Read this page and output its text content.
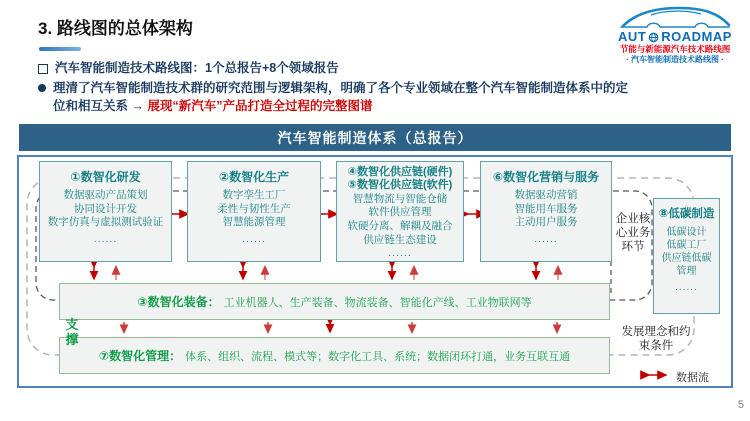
3. 路线图的总体架构	AUT ROADMAP
节能与新能源汽车技术路线图
· 汽车智能制造技术路线图 ·
汽车智能制造技术路线图：1个总报告+8个领域报告
理清了汽车智能制造技术群的研究范围与逻辑架构，明确了各个专业领域在整个汽车智能制造体系中的定位和相互关系 → 展现“新汽车”产品打造全过程的完整图谱
汽车智能制造体系（总报告）
①数智化研发
数据驱动产品策划
协同设计开发
数字仿真与虚拟测试验证
......
②数智化生产
数字孪生工厂
柔性与韧性生产
智慧能源管理
......
④数智化供应链(硬件)
⑤数智化供应链(软件)
智慧物流与智能仓储
软件供应管理
软硬分离、解耦及融合
供应链生态建设
......
⑥数智化营销与服务
数据驱动营销
智能用车服务
主动用户服务
......
⑧低碳制造
低碳设计
低碳工厂
供应链低碳管理
......
③数智化装备： 工业机器人、生产装备、物流装备、智能化产线、工业物联网等
⑦数智化管理： 体系、组织、流程、模式等；数字化工具、系统；数据闭环打通，业务互联互通
企业核心业务环节
支撑
发展理念和约束条件
数据流
5
